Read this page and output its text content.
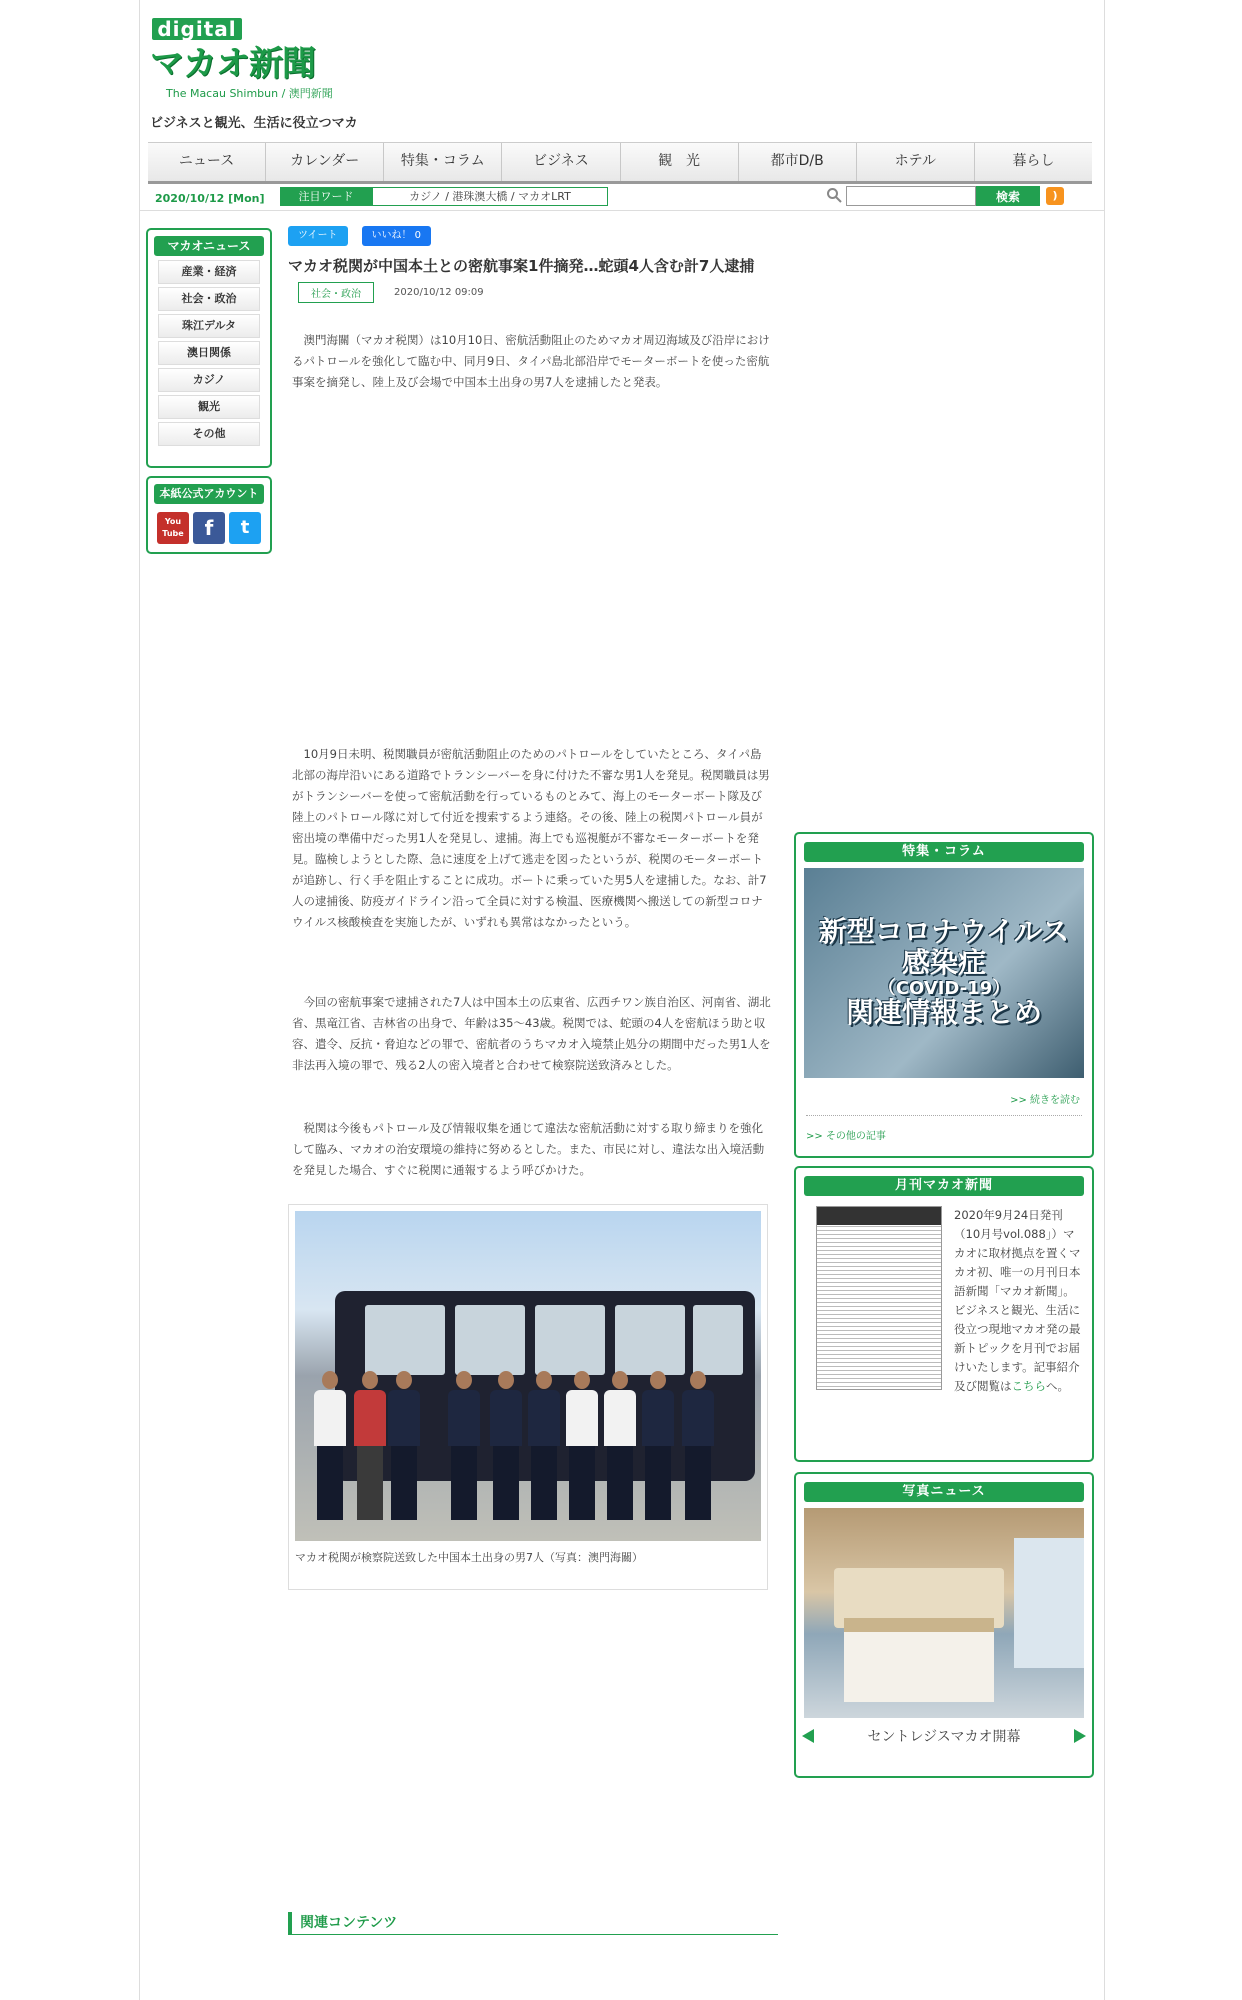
digital
マカオ新聞
The Macau Shimbun / 澳門新聞
ビジネスと観光、生活に役立つマカ
ニュース	カレンダー	特集・コラム	ビジネス	観　光	都市D/B	ホテル	暮らし
2020/10/12 [Mon]	注目ワード	カジノ / 港珠澳大橋 / マカオLRT	検索	)
マカオニュース
産業・経済
社会・政治
珠江デルタ
澳日関係
カジノ
観光
その他
本紙公式アカウント
You Tube	f	t
ツイート	いいね！ 0
マカオ税関が中国本土との密航事案1件摘発…蛇頭4人含む計7人逮捕
社会・政治	2020/10/12 09:09

澳門海關（マカオ税関）は10月10日、密航活動阻止のためマカオ周辺海域及び沿岸におけるパトロールを強化して臨む中、同月9日、タイパ島北部沿岸でモーターボートを使った密航事案を摘発し、陸上及び会場で中国本土出身の男7人を逮捕したと発表。

10月9日未明、税関職員が密航活動阻止のためのパトロールをしていたところ、タイパ島北部の海岸沿いにある道路でトランシーバーを身に付けた不審な男1人を発見。税関職員は男がトランシーバーを使って密航活動を行っているものとみて、海上のモーターボート隊及び陸上のパトロール隊に対して付近を捜索するよう連絡。その後、陸上の税関パトロール員が密出境の準備中だった男1人を発見し、逮捕。海上でも巡視艇が不審なモーターボートを発見。臨検しようとした際、急に速度を上げて逃走を図ったというが、税関のモーターボートが追跡し、行く手を阻止することに成功。ボートに乗っていた男5人を逮捕した。なお、計7人の逮捕後、防疫ガイドライン沿って全員に対する検温、医療機関へ搬送しての新型コロナウイルス核酸検査を実施したが、いずれも異常はなかったという。

今回の密航事案で逮捕された7人は中国本土の広東省、広西チワン族自治区、河南省、湖北省、黒竜江省、吉林省の出身で、年齢は35〜43歳。税関では、蛇頭の4人を密航ほう助と収容、遣令、反抗・脅迫などの罪で、密航者のうちマカオ入境禁止処分の期間中だった男1人を非法再入境の罪で、残る2人の密入境者と合わせて検察院送致済みとした。

税関は今後もパトロール及び情報収集を通じて違法な密航活動に対する取り締まりを強化して臨み、マカオの治安環境の維持に努めるとした。また、市民に対し、違法な出入境活動を発見した場合、すぐに税関に通報するよう呼びかけた。

マカオ税関が検察院送致した中国本土出身の男7人（写真：澳門海關）
関連コンテンツ
特集・コラム
新型コロナウイルス
感染症
（COVID-19）
関連情報まとめ
>> 続きを読む
>> その他の記事
月刊マカオ新聞
2020年9月24日発刊（10月号vol.088」）マカオに取材拠点を置くマカオ初、唯一の月刊日本語新聞「マカオ新聞」。ビジネスと観光、生活に役立つ現地マカオ発の最新トピックを月刊でお届けいたします。記事紹介及び閲覧はこちらへ。
写真ニュース
セントレジスマカオ開幕
